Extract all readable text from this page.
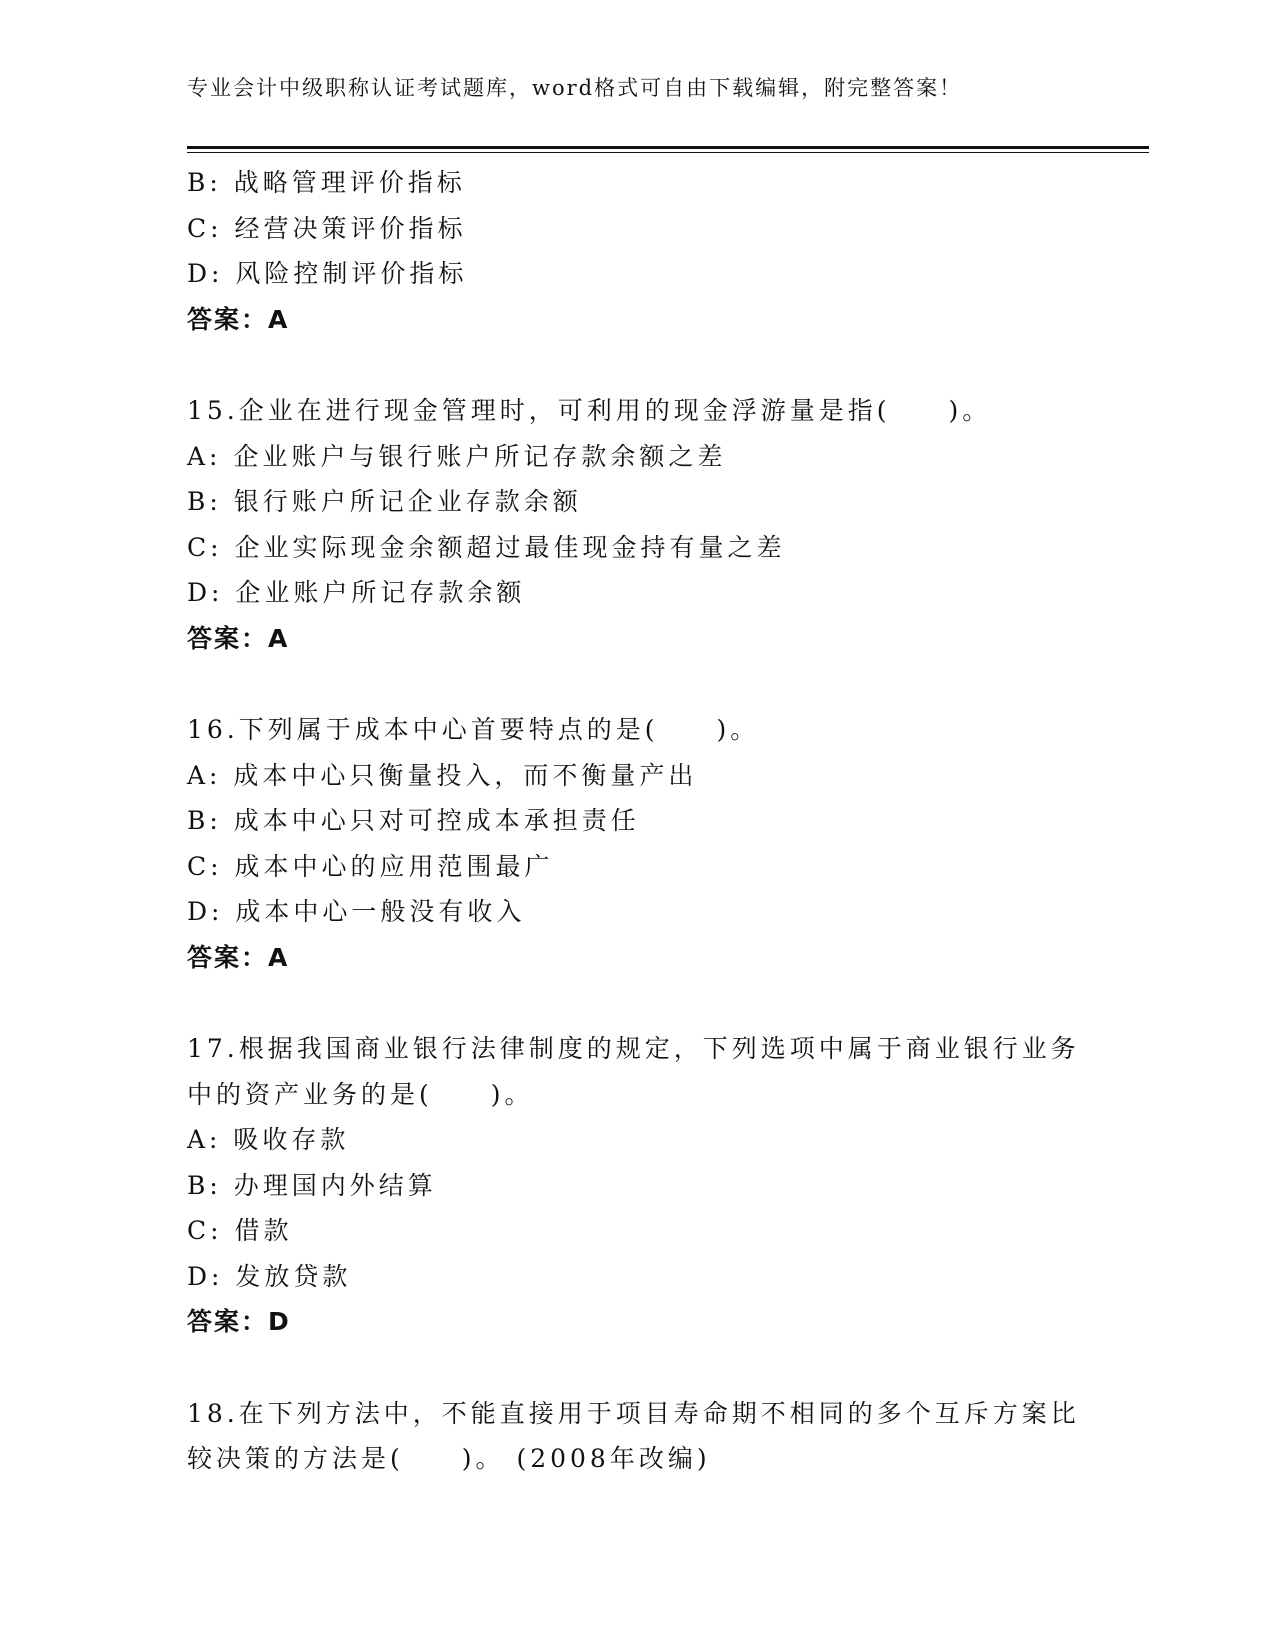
专业会计中级职称认证考试题库，word格式可自由下载编辑，附完整答案！
B: 战略管理评价指标
C: 经营决策评价指标
D: 风险控制评价指标
答案：A
15.企业在进行现金管理时，可利用的现金浮游量是指(　　)。
A: 企业账户与银行账户所记存款余额之差
B: 银行账户所记企业存款余额
C: 企业实际现金余额超过最佳现金持有量之差
D: 企业账户所记存款余额
答案：A
16.下列属于成本中心首要特点的是(　　)。
A: 成本中心只衡量投入，而不衡量产出
B: 成本中心只对可控成本承担责任
C: 成本中心的应用范围最广
D: 成本中心一般没有收入
答案：A
17.根据我国商业银行法律制度的规定，下列选项中属于商业银行业务
中的资产业务的是(　　)。
A: 吸收存款
B: 办理国内外结算
C: 借款
D: 发放贷款
答案：D
18.在下列方法中，不能直接用于项目寿命期不相同的多个互斥方案比
较决策的方法是(　　)。 (2008年改编)
